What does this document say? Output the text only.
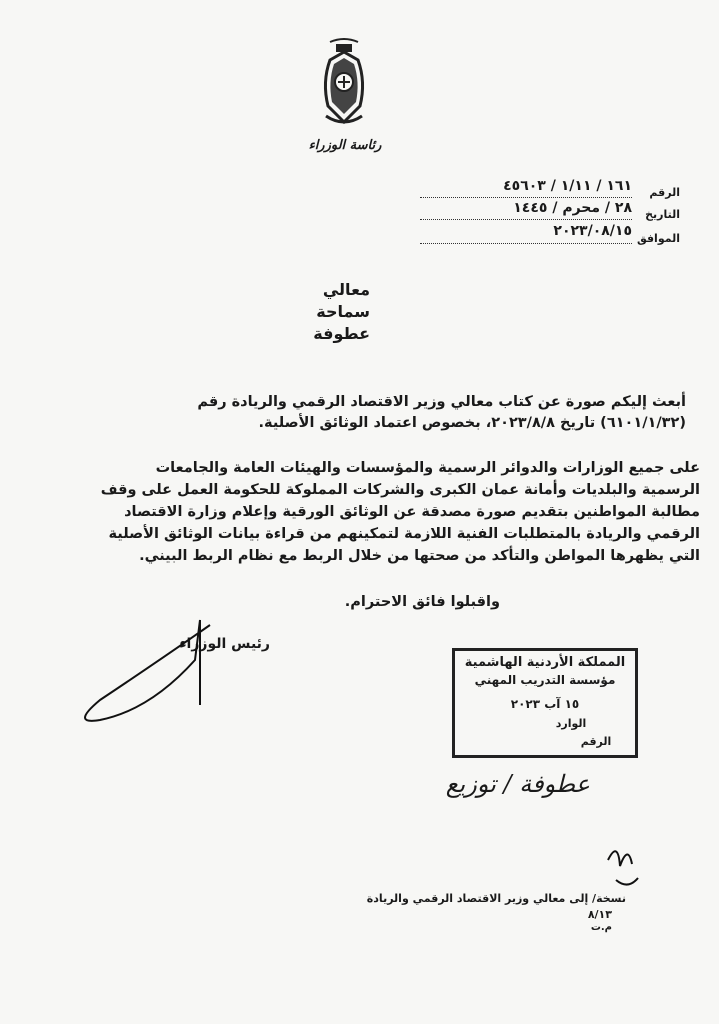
رئاسة الوزراء
الرقم
١٦١ / ١/١١ / ٤٥٦٠٣
التاريخ
٢٨ / محرم / ١٤٤٥
الموافق
٢٠٢٣/٠٨/١٥
معالي
سماحة
عطوفة
أبعث إليكم صورة عن كتاب معالي وزير الاقتصاد الرقمي والريادة رقم
(٦١٠١/١/٣٢) تاريخ ٢٠٢٣/٨/٨، بخصوص اعتماد الوثائق الأصلية.
على جميع الوزارات والدوائر الرسمية والمؤسسات والهيئات العامة والجامعات
الرسمية والبلديات وأمانة عمان الكبرى والشركات المملوكة للحكومة العمل على وقف
مطالبة المواطنين بتقديم صورة مصدقة عن الوثائق الورقية وإعلام وزارة الاقتصاد
الرقمي والريادة بالمتطلبات الفنية اللازمة لتمكينهم من قراءة بيانات الوثائق الأصلية
التي يظهرها المواطن والتأكد من صحتها من خلال الربط مع نظام الربط البيني.
واقبلوا فائق الاحترام.
رئيس الوزراء
المملكة الأردنية الهاشمية
مؤسسة التدريب المهني
١٥ آب ٢٠٢٣
الوارد
الرقم
عطوفة / توزيع
نسخة/ إلى معالي وزير الاقتصاد الرقمي والريادة
٨/١٣
م.ت
